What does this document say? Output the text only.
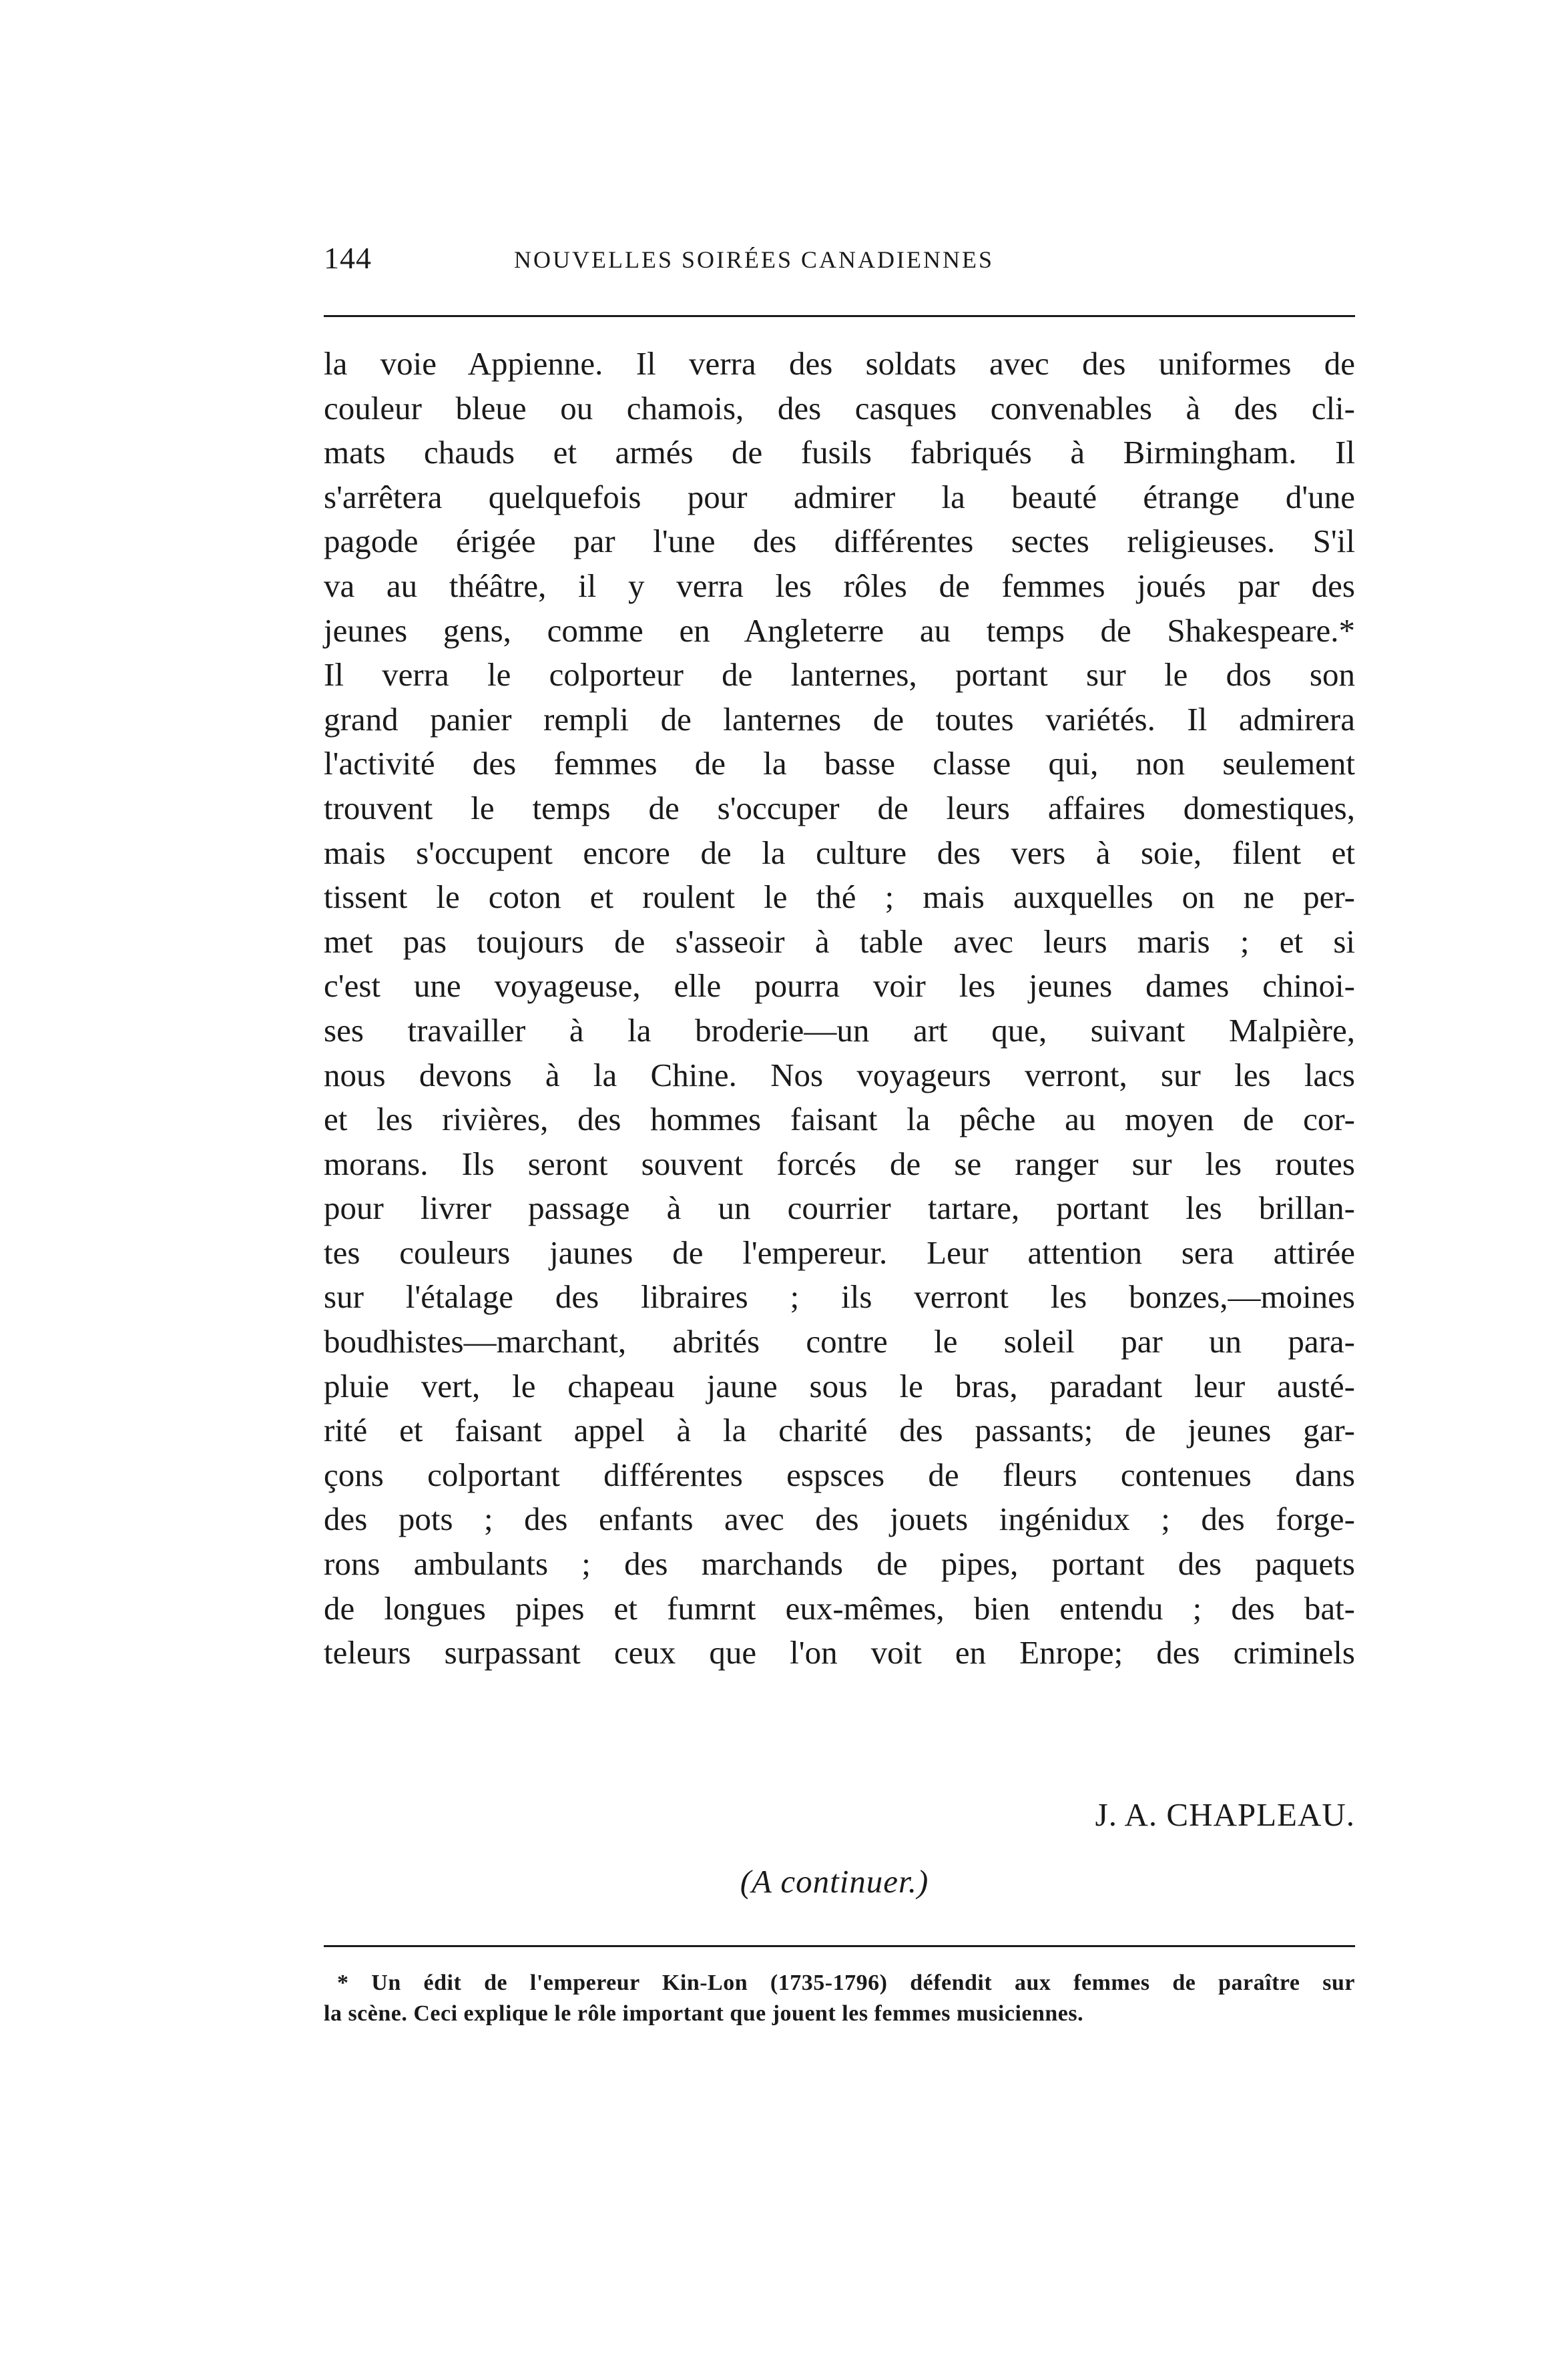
144	NOUVELLES SOIRÉES CANADIENNES
la voie Appienne. Il verra des soldats avec des uniformes de
couleur bleue ou chamois, des casques convenables à des cli-
mats chauds et armés de fusils fabriqués à Birmingham. Il
s'arrêtera quelquefois pour admirer la beauté étrange d'une
pagode érigée par l'une des différentes sectes religieuses. S'il
va au théâtre, il y verra les rôles de femmes joués par des
jeunes gens, comme en Angleterre au temps de Shakespeare.*
Il verra le colporteur de lanternes, portant sur le dos son
grand panier rempli de lanternes de toutes variétés. Il admirera
l'activité des femmes de la basse classe qui, non seulement
trouvent le temps de s'occuper de leurs affaires domestiques,
mais s'occupent encore de la culture des vers à soie, filent et
tissent le coton et roulent le thé ; mais auxquelles on ne per-
met pas toujours de s'asseoir à table avec leurs maris ; et si
c'est une voyageuse, elle pourra voir les jeunes dames chinoi-
ses travailler à la broderie—un art que, suivant Malpière,
nous devons à la Chine. Nos voyageurs verront, sur les lacs
et les rivières, des hommes faisant la pêche au moyen de cor-
morans. Ils seront souvent forcés de se ranger sur les routes
pour livrer passage à un courrier tartare, portant les brillan-
tes couleurs jaunes de l'empereur. Leur attention sera attirée
sur l'étalage des libraires ; ils verront les bonzes,—moines
boudhistes—marchant, abrités contre le soleil par un para-
pluie vert, le chapeau jaune sous le bras, paradant leur austé-
rité et faisant appel à la charité des passants; de jeunes gar-
çons colportant différentes espsces de fleurs contenues dans
des pots ; des enfants avec des jouets ingénidux ; des forge-
rons ambulants ; des marchands de pipes, portant des paquets
de longues pipes et fumrnt eux-mêmes, bien entendu ; des bat-
teleurs surpassant ceux que l'on voit en Enrope; des criminels
J. A. CHAPLEAU.
(A continuer.)
* Un édit de l'empereur Kin-Lon (1735-1796) défendit aux femmes de paraître sur
la scène. Ceci explique le rôle important que jouent les femmes musiciennes.
